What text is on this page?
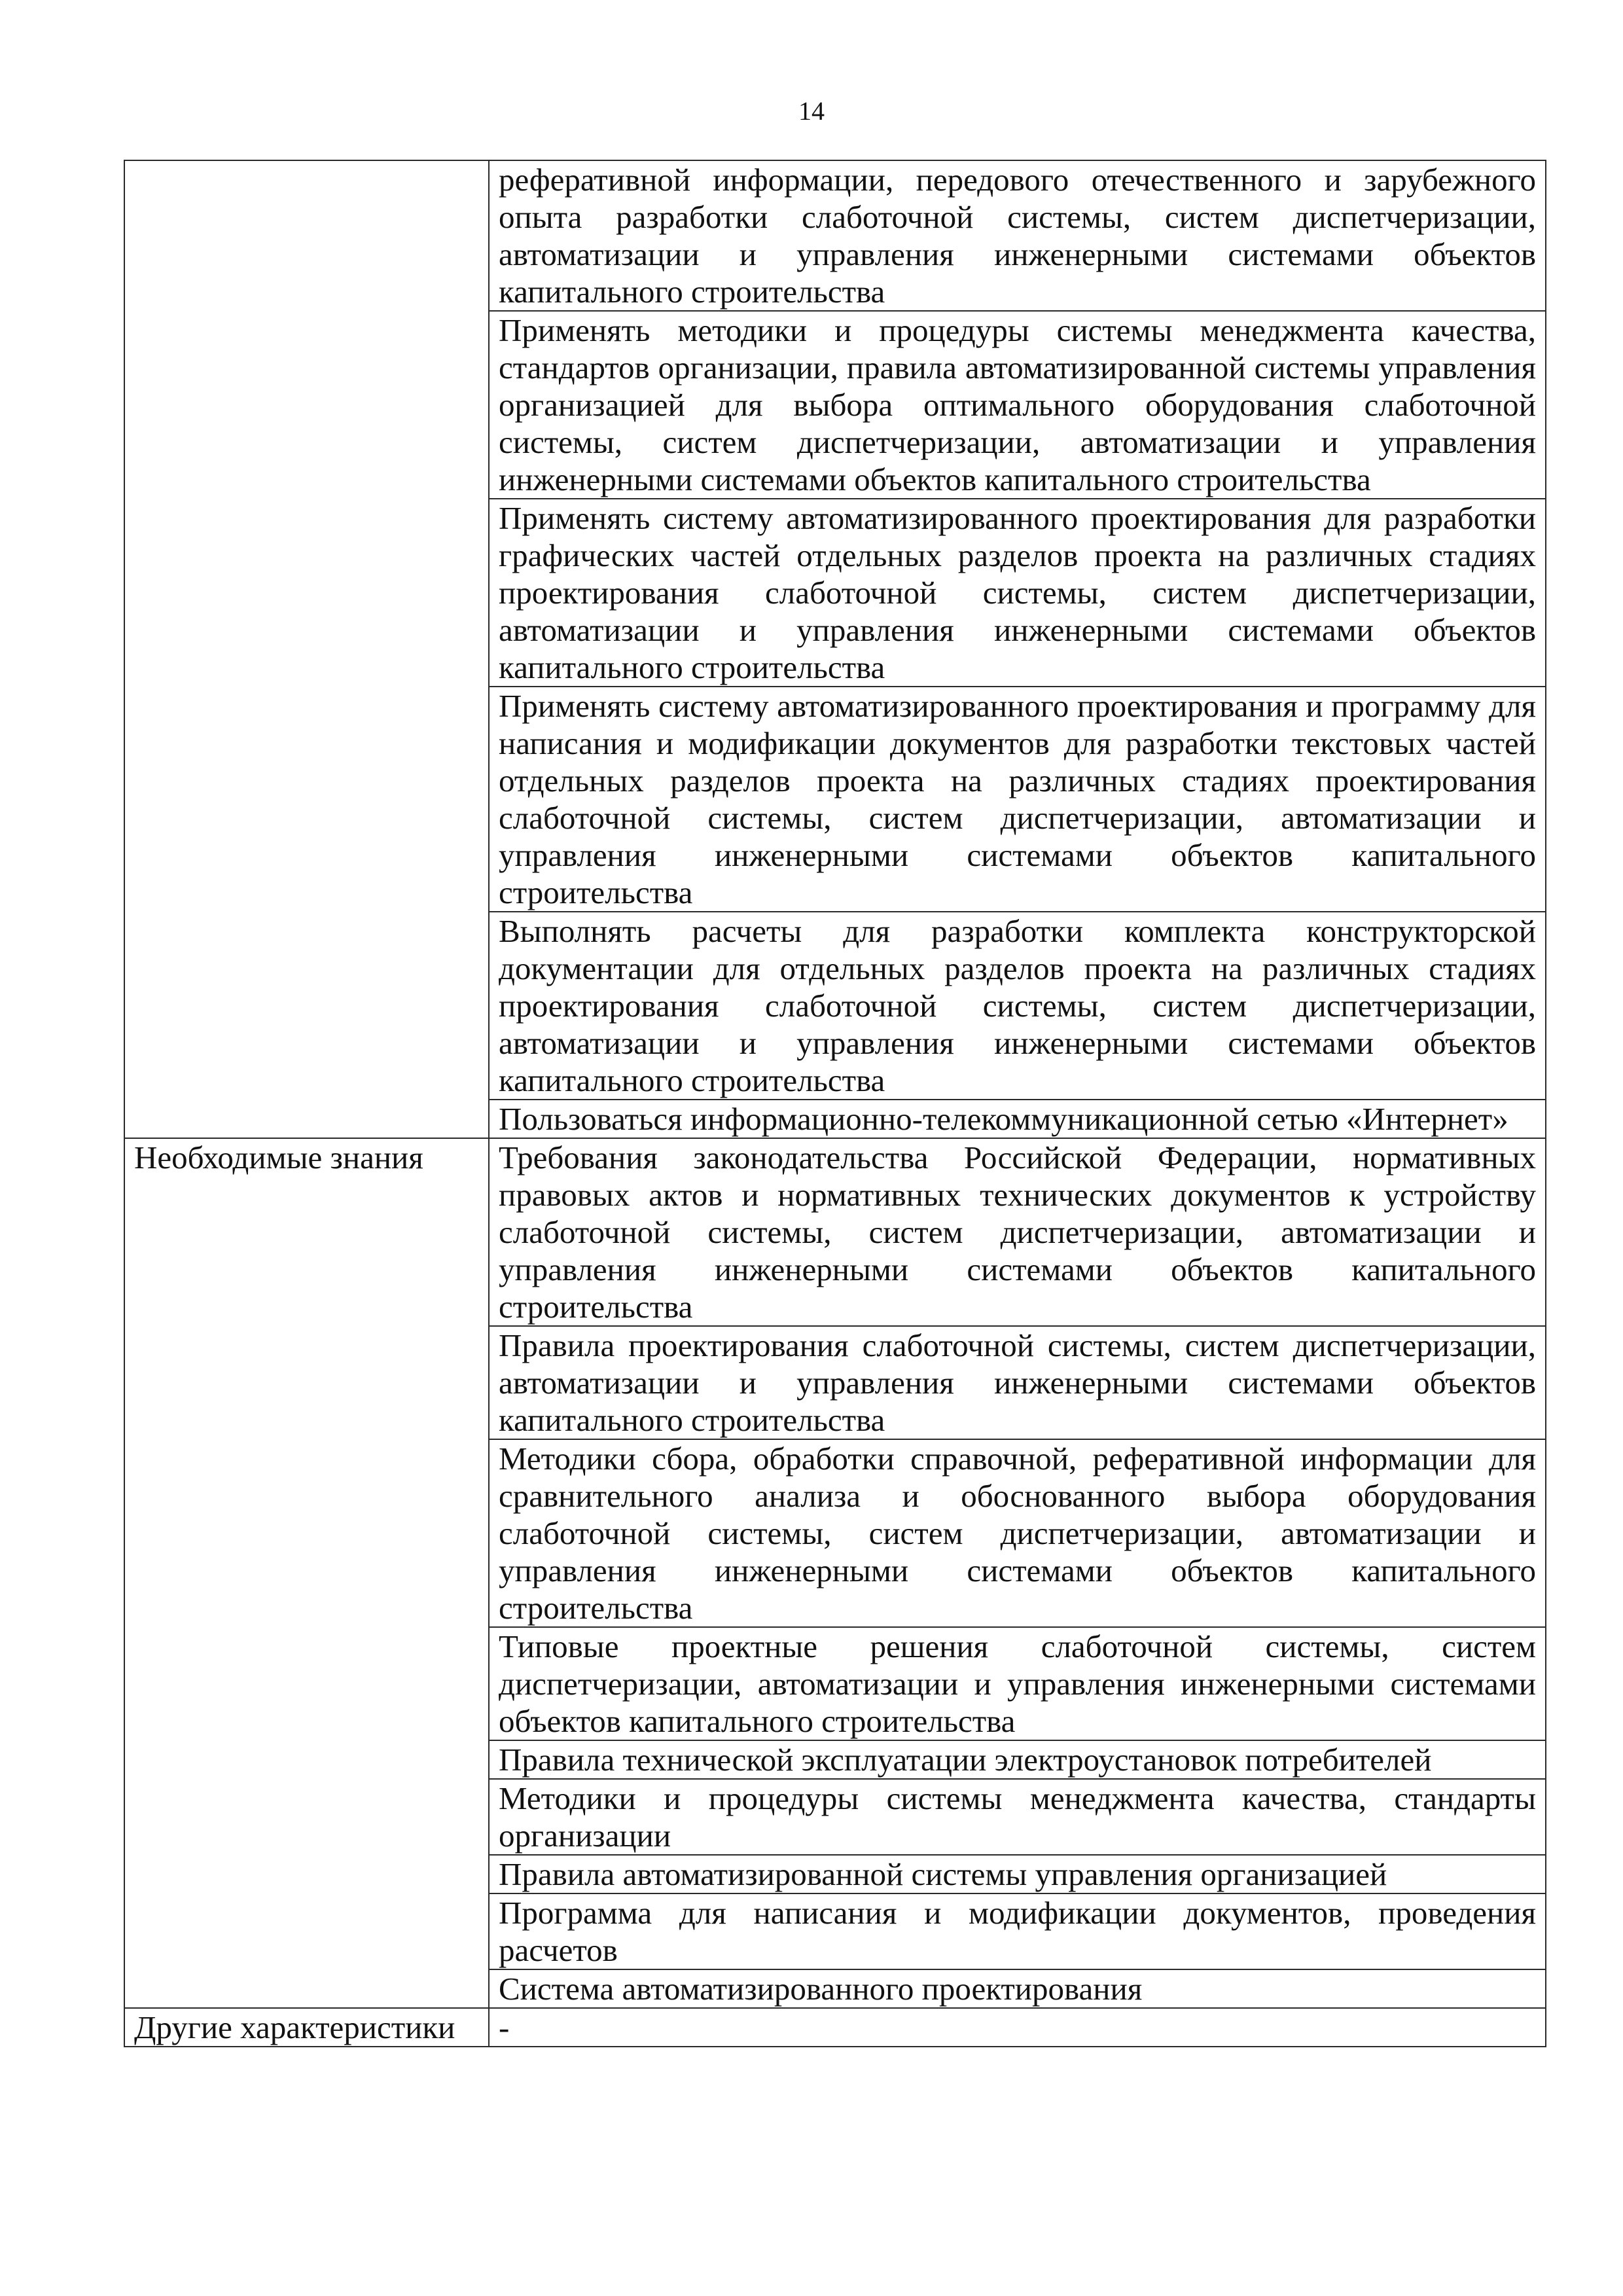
14
	реферативной информации, передового отечественного и зарубежного опыта разработки слаботочной системы, систем диспетчеризации, автоматизации и управления инженерными системами объектов капитального строительства
	Применять методики и процедуры системы менеджмента качества, стандартов организации, правила автоматизированной системы управления организацией для выбора оптимального оборудования слаботочной системы, систем диспетчеризации, автоматизации и управления инженерными системами объектов капитального строительства
	Применять систему автоматизированного проектирования для разработки графических частей отдельных разделов проекта на различных стадиях проектирования слаботочной системы, систем диспетчеризации, автоматизации и управления инженерными системами объектов капитального строительства
	Применять систему автоматизированного проектирования и программу для написания и модификации документов для разработки текстовых частей отдельных разделов проекта на различных стадиях проектирования слаботочной системы, систем диспетчеризации, автоматизации и управления инженерными системами объектов капитального строительства
	Выполнять расчеты для разработки комплекта конструкторской документации для отдельных разделов проекта на различных стадиях проектирования слаботочной системы, систем диспетчеризации, автоматизации и управления инженерными системами объектов капитального строительства
	Пользоваться информационно-телекоммуникационной сетью «Интернет»
Необходимые знания	Требования законодательства Российской Федерации, нормативных правовых актов и нормативных технических документов к устройству слаботочной системы, систем диспетчеризации, автоматизации и управления инженерными системами объектов капитального строительства
	Правила проектирования слаботочной системы, систем диспетчеризации, автоматизации и управления инженерными системами объектов капитального строительства
	Методики сбора, обработки справочной, реферативной информации для сравнительного анализа и обоснованного выбора оборудования слаботочной системы, систем диспетчеризации, автоматизации и управления инженерными системами объектов капитального строительства
	Типовые проектные решения слаботочной системы, систем диспетчеризации, автоматизации и управления инженерными системами объектов капитального строительства
	Правила технической эксплуатации электроустановок потребителей
	Методики и процедуры системы менеджмента качества, стандарты организации
	Правила автоматизированной системы управления организацией
	Программа для написания и модификации документов, проведения расчетов
	Система автоматизированного проектирования
Другие характеристики	-
